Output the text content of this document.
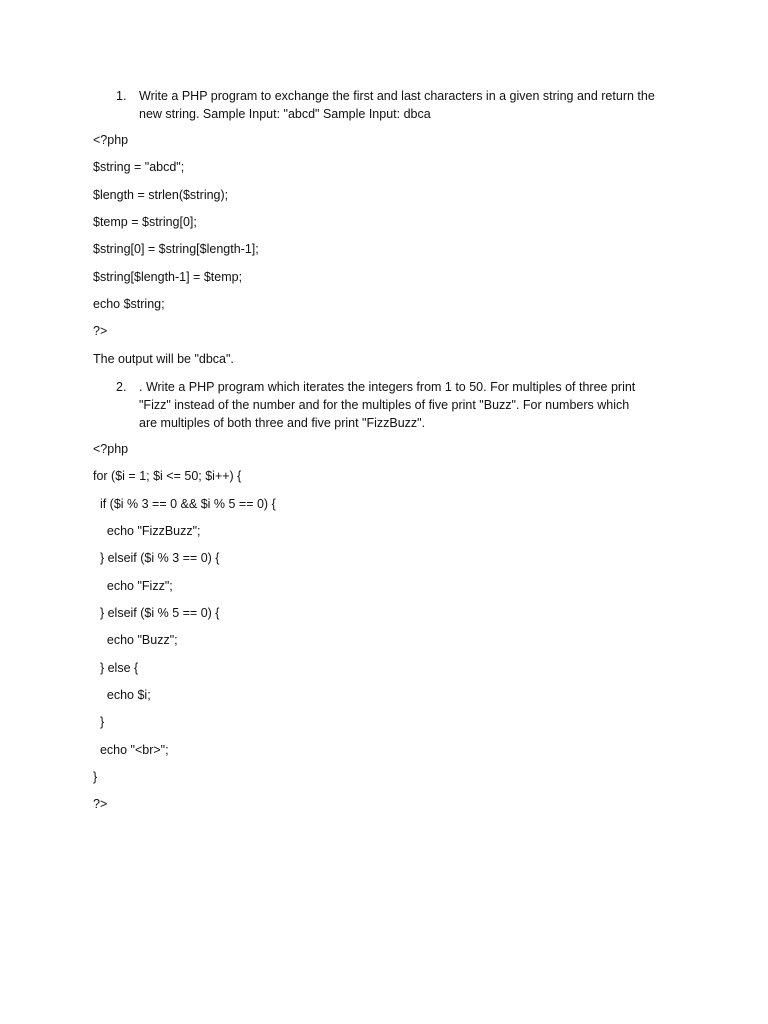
1. Write a PHP program to exchange the first and last characters in a given string and return the
new string. Sample Input: "abcd" Sample Input: dbca
<?php
$string = "abcd";
$length = strlen($string);
$temp = $string[0];
$string[0] = $string[$length-1];
$string[$length-1] = $temp;
echo $string;
?>
The output will be "dbca".
2. . Write a PHP program which iterates the integers from 1 to 50. For multiples of three print
"Fizz" instead of the number and for the multiples of five print "Buzz". For numbers which
are multiples of both three and five print "FizzBuzz".
<?php
for ($i = 1; $i <= 50; $i++) {
if ($i % 3 == 0 && $i % 5 == 0) {
echo "FizzBuzz";
} elseif ($i % 3 == 0) {
echo "Fizz";
} elseif ($i % 5 == 0) {
echo "Buzz";
} else {
echo $i;
}
echo "<br>";
}
?>
